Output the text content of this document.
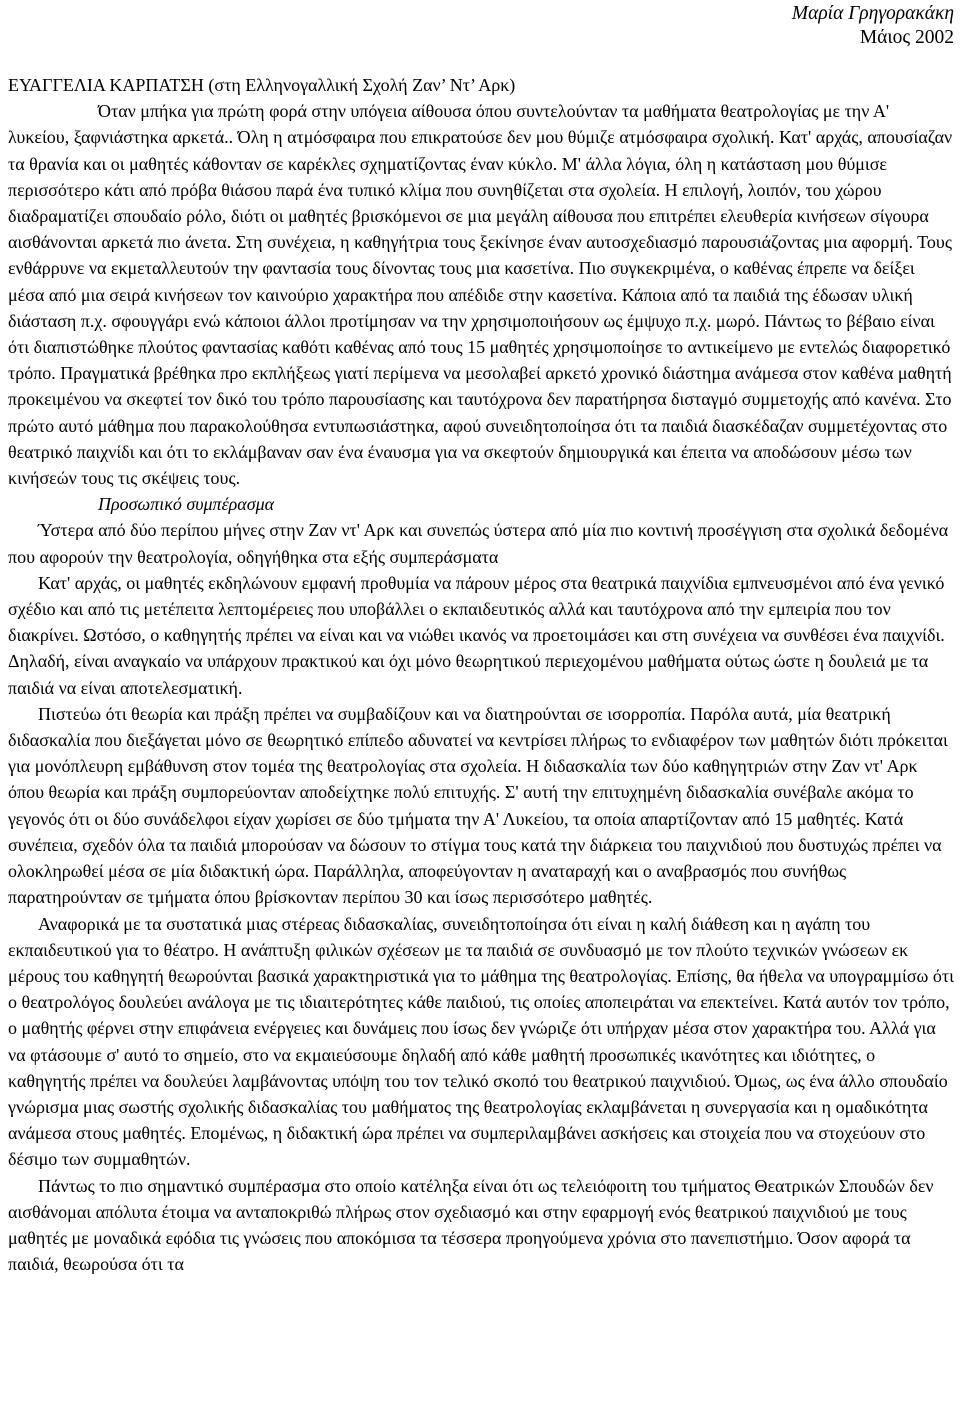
Μαρία Γρηγορακάκη
Μάιος 2002

ΕΥΑΓΓΕΛΙΑ ΚΑΡΠΑΤΣΗ (στη Ελληνογαλλική Σχολή Ζαν’ Ντ’ Αρκ)

Όταν μπήκα για πρώτη φορά στην υπόγεια αίθουσα όπου συντελούνταν τα μαθήματα θεατρολογίας με την Α' λυκείου, ξαφνιάστηκα αρκετά.. Όλη η ατμόσφαιρα που επικρατούσε δεν μου θύμιζε ατμόσφαιρα σχολική. Κατ' αρχάς, απουσίαζαν τα θρανία και οι μαθητές κάθονταν σε καρέκλες σχηματίζοντας έναν κύκλο. Μ' άλλα λόγια, όλη η κατάσταση μου θύμισε περισσότερο κάτι από πρόβα θιάσου παρά ένα τυπικό κλίμα που συνηθίζεται στα σχολεία. Η επιλογή, λοιπόν, του χώρου διαδραματίζει σπουδαίο ρόλο, διότι οι μαθητές βρισκόμενοι σε μια μεγάλη αίθουσα που επιτρέπει ελευθερία κινήσεων σίγουρα αισθάνονται αρκετά πιο άνετα. Στη συνέχεια, η καθηγήτρια τους ξεκίνησε έναν αυτοσχεδιασμό παρουσιάζοντας μια αφορμή. Τους ενθάρρυνε να εκμεταλλευτούν την φαντασία τους δίνοντας τους μια κασετίνα. Πιο συγκεκριμένα, ο καθένας έπρεπε να δείξει μέσα από μια σειρά κινήσεων τον καινούριο χαρακτήρα που απέδιδε στην κασετίνα. Κάποια από τα παιδιά της έδωσαν υλική διάσταση π.χ. σφουγγάρι ενώ κάποιοι άλλοι προτίμησαν να την χρησιμοποιήσουν ως έμψυχο π.χ. μωρό. Πάντως το βέβαιο είναι ότι διαπιστώθηκε πλούτος φαντασίας καθότι καθένας από τους 15 μαθητές χρησιμοποίησε το αντικείμενο με εντελώς διαφορετικό τρόπο. Πραγματικά βρέθηκα προ εκπλήξεως γιατί περίμενα να μεσολαβεί αρκετό χρονικό διάστημα ανάμεσα στον καθένα μαθητή προκειμένου να σκεφτεί τον δικό του τρόπο παρουσίασης και ταυτόχρονα δεν παρατήρησα δισταγμό συμμετοχής από κανένα. Στο πρώτο αυτό μάθημα που παρακολούθησα εντυπωσιάστηκα, αφού συνειδητοποίησα ότι τα παιδιά διασκέδαζαν συμμετέχοντας στο θεατρικό παιχνίδι και ότι το εκλάμβαναν σαν ένα έναυσμα για να σκεφτούν δημιουργικά και έπειτα να αποδώσουν μέσω των κινήσεών τους τις σκέψεις τους.

Προσωπικό συμπέρασμα

Ύστερα από δύο περίπου μήνες στην Ζαν ντ' Αρκ και συνεπώς ύστερα από μία πιο κοντινή προσέγγιση στα σχολικά δεδομένα που αφορούν την θεατρολογία, οδηγήθηκα στα εξής συμπεράσματα

Κατ' αρχάς, οι μαθητές εκδηλώνουν εμφανή προθυμία να πάρουν μέρος στα θεατρικά παιχνίδια εμπνευσμένοι από ένα γενικό σχέδιο και από τις μετέπειτα λεπτομέρειες που υποβάλλει ο εκπαιδευτικός αλλά και ταυτόχρονα από την εμπειρία που τον διακρίνει. Ωστόσο, ο καθηγητής πρέπει να είναι και να νιώθει ικανός να προετοιμάσει και στη συνέχεια να συνθέσει ένα παιχνίδι. Δηλαδή, είναι αναγκαίο να υπάρχουν πρακτικού και όχι μόνο θεωρητικού περιεχομένου μαθήματα ούτως ώστε η δουλειά με τα παιδιά να είναι αποτελεσματική.

Πιστεύω ότι θεωρία και πράξη πρέπει να συμβαδίζουν και να διατηρούνται σε ισορροπία. Παρόλα αυτά, μία θεατρική διδασκαλία που διεξάγεται μόνο σε θεωρητικό επίπεδο αδυνατεί να κεντρίσει πλήρως το ενδιαφέρον των μαθητών διότι πρόκειται για μονόπλευρη εμβάθυνση στον τομέα της θεατρολογίας στα σχολεία. Η διδασκαλία των δύο καθηγητριών στην Ζαν ντ' Αρκ όπου θεωρία και πράξη συμπορεύονταν αποδείχτηκε πολύ επιτυχής. Σ' αυτή την επιτυχημένη διδασκαλία συνέβαλε ακόμα το γεγονός ότι οι δύο συνάδελφοι είχαν χωρίσει σε δύο τμήματα την Α' Λυκείου, τα οποία απαρτίζονταν από 15 μαθητές. Κατά συνέπεια, σχεδόν όλα τα παιδιά μπορούσαν να δώσουν το στίγμα τους κατά την διάρκεια του παιχνιδιού που δυστυχώς πρέπει να ολοκληρωθεί μέσα σε μία διδακτική ώρα. Παράλληλα, αποφεύγονταν η αναταραχή και ο αναβρασμός που συνήθως παρατηρούνταν σε τμήματα όπου βρίσκονταν περίπου 30 και ίσως περισσότερο μαθητές.

Αναφορικά με τα συστατικά μιας στέρεας διδασκαλίας, συνειδητοποίησα ότι είναι η καλή διάθεση και η αγάπη του εκπαιδευτικού για το θέατρο. Η ανάπτυξη φιλικών σχέσεων με τα παιδιά σε συνδυασμό με τον πλούτο τεχνικών γνώσεων εκ μέρους του καθηγητή θεωρούνται βασικά χαρακτηριστικά για το μάθημα της θεατρολογίας. Επίσης, θα ήθελα να υπογραμμίσω ότι ο θεατρολόγος δουλεύει ανάλογα με τις ιδιαιτερότητες κάθε παιδιού, τις οποίες αποπειράται να επεκτείνει. Κατά αυτόν τον τρόπο, ο μαθητής φέρνει στην επιφάνεια ενέργειες και δυνάμεις που ίσως δεν γνώριζε ότι υπήρχαν μέσα στον χαρακτήρα του. Αλλά για να φτάσουμε σ' αυτό το σημείο, στο να εκμαιεύσουμε δηλαδή από κάθε μαθητή προσωπικές ικανότητες και ιδιότητες, ο καθηγητής πρέπει να δουλεύει λαμβάνοντας υπόψη του τον τελικό σκοπό του θεατρικού παιχνιδιού. Όμως, ως ένα άλλο σπουδαίο γνώρισμα μιας σωστής σχολικής διδασκαλίας του μαθήματος της θεατρολογίας εκλαμβάνεται η συνεργασία και η ομαδικότητα ανάμεσα στους μαθητές. Επομένως, η διδακτική ώρα πρέπει να συμπεριλαμβάνει ασκήσεις και στοιχεία που να στοχεύουν στο δέσιμο των συμμαθητών.

Πάντως το πιο σημαντικό συμπέρασμα στο οποίο κατέληξα είναι ότι ως τελειόφοιτη του τμήματος Θεατρικών Σπουδών δεν αισθάνομαι απόλυτα έτοιμα να ανταποκριθώ πλήρως στον σχεδιασμό και στην εφαρμογή ενός θεατρικού παιχνιδιού με τους μαθητές με μοναδικά εφόδια τις γνώσεις που αποκόμισα τα τέσσερα προηγούμενα χρόνια στο πανεπιστήμιο. Όσον αφορά τα παιδιά, θεωρούσα ότι τα
